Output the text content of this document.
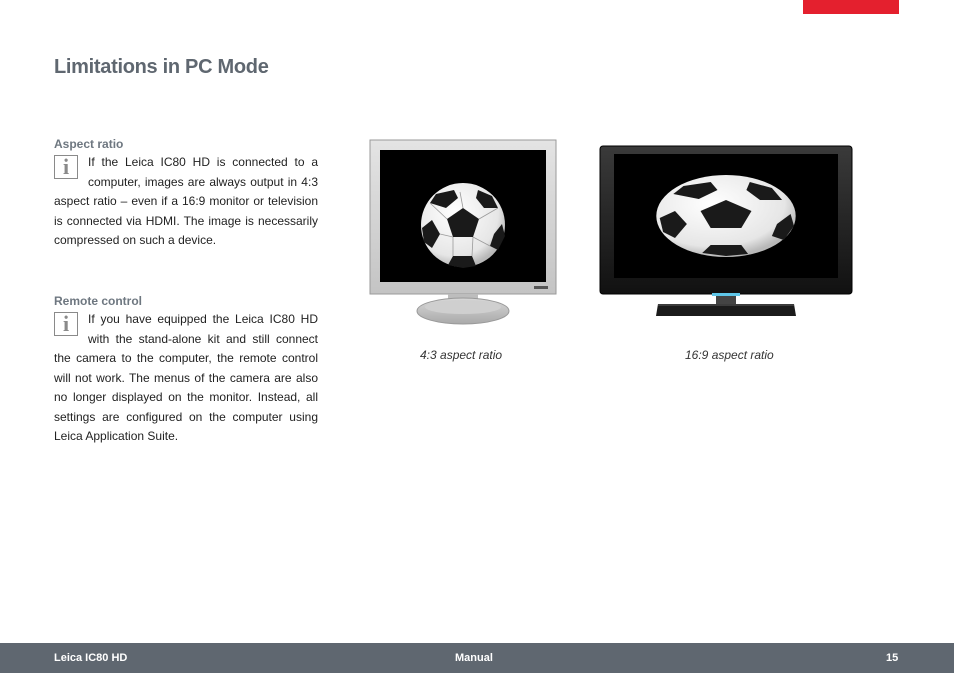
Limitations in PC Mode
Aspect ratio
i	If the Leica IC80 HD is connected to a computer, images are always output in 4:3 aspect ratio – even if a 16:9 monitor or television is connected via HDMI. The image is necessarily compressed on such a device.
Remote control
i	If you have equipped the Leica IC80 HD with the stand-alone kit and still connect the camera to the computer, the remote control will not work. The menus of the camera are also no longer displayed on the monitor. Instead, all settings are configured on the computer using Leica Application Suite.
4:3 aspect ratio	16:9 aspect ratio
Leica IC80 HD	Manual	15
